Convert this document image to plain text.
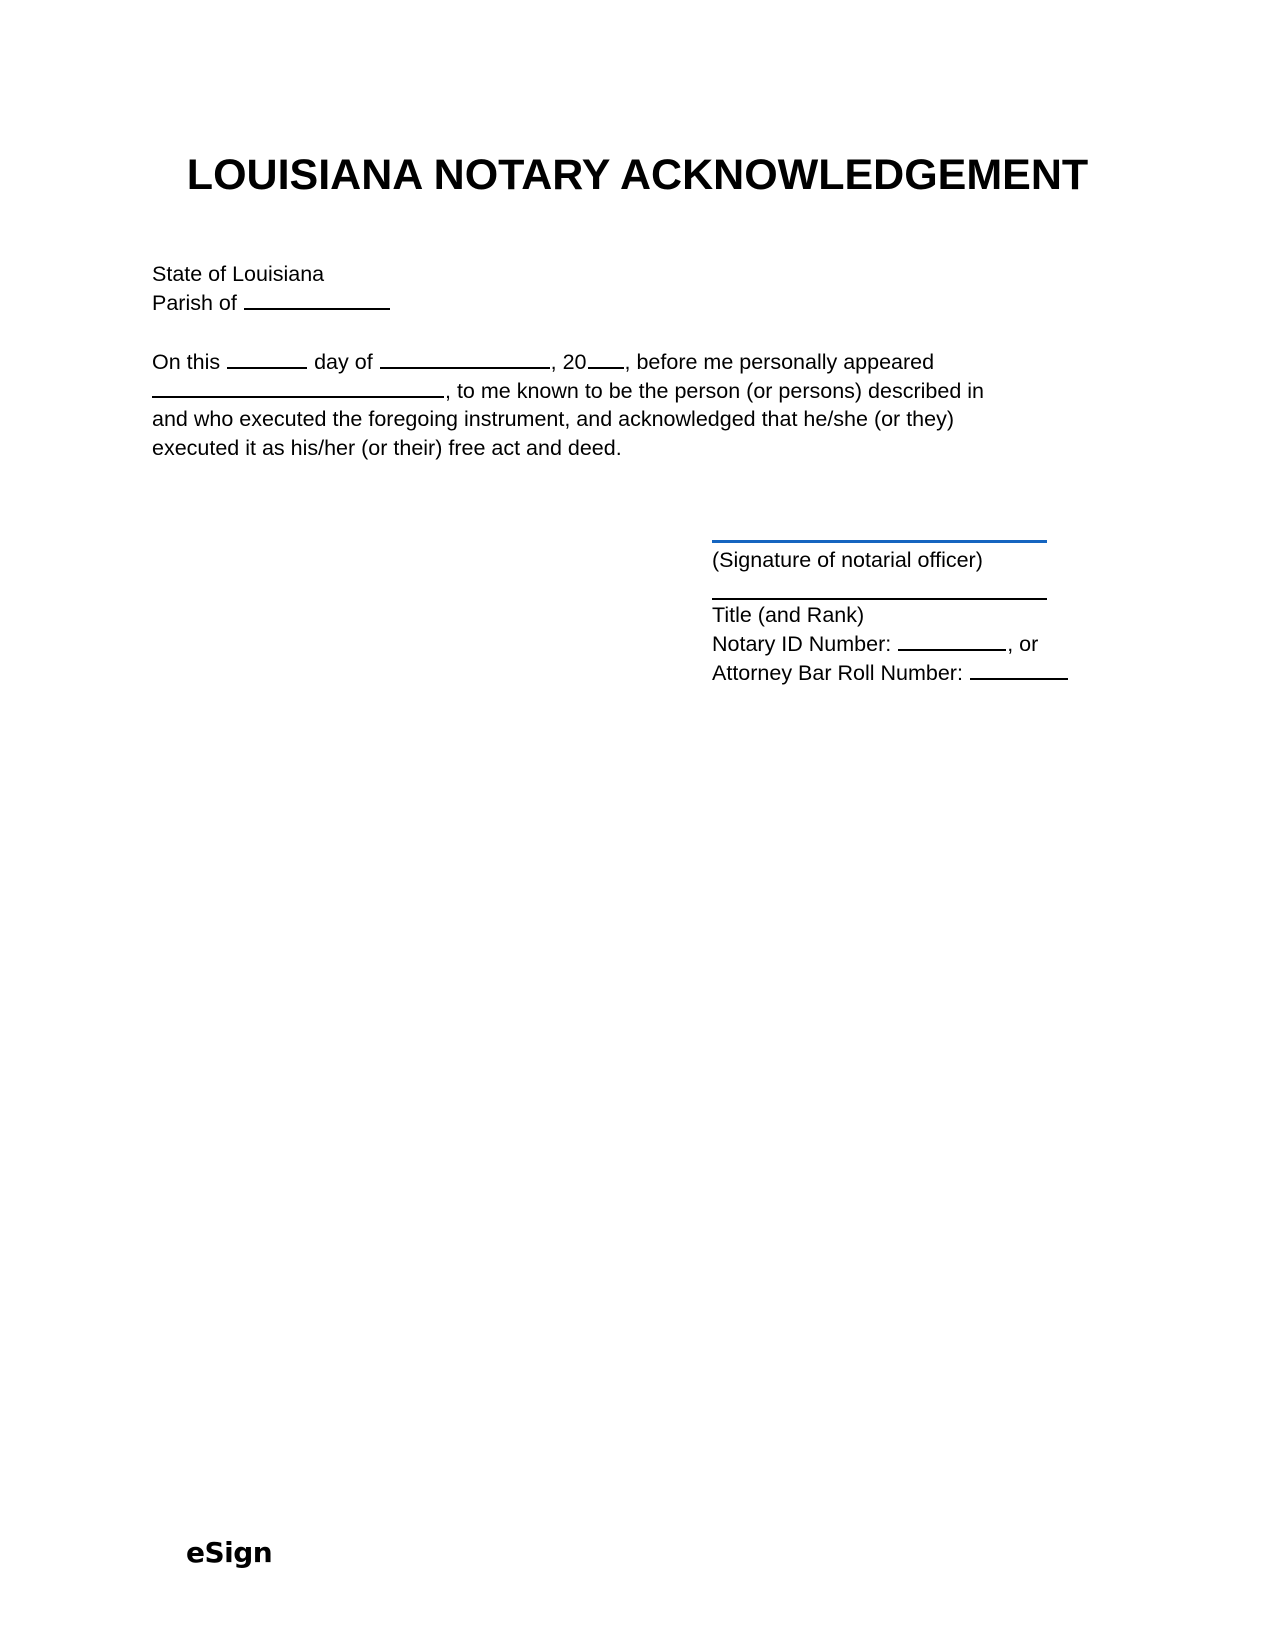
LOUISIANA NOTARY ACKNOWLEDGEMENT
State of Louisiana
Parish of
On this	day of	, 20 , before me personally appeared
, to me known to be the person (or persons) described in
and who executed the foregoing instrument, and acknowledged that he/she (or they)
executed it as his/her (or their) free act and deed.
(Signature of notarial officer)
Title (and Rank)
Notary ID Number:	, or
Attorney Bar Roll Number:
eSign
